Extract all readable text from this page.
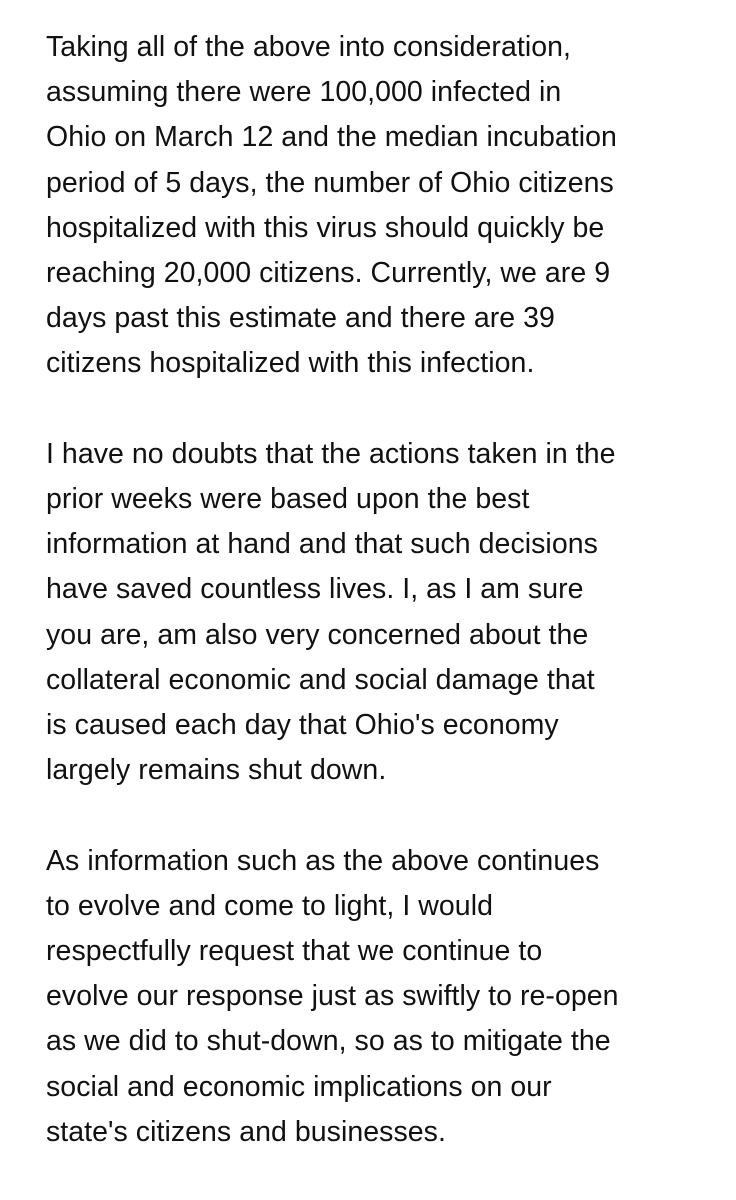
Taking all of the above into consideration,
assuming there were 100,000 infected in
Ohio on March 12 and the median incubation
period of 5 days, the number of Ohio citizens
hospitalized with this virus should quickly be
reaching 20,000 citizens. Currently, we are 9
days past this estimate and there are 39
citizens hospitalized with this infection.

I have no doubts that the actions taken in the
prior weeks were based upon the best
information at hand and that such decisions
have saved countless lives. I, as I am sure
you are, am also very concerned about the
collateral economic and social damage that
is caused each day that Ohio's economy
largely remains shut down.

As information such as the above continues
to evolve and come to light, I would
respectfully request that we continue to
evolve our response just as swiftly to re-open
as we did to shut-down, so as to mitigate the
social and economic implications on our
state's citizens and businesses.
